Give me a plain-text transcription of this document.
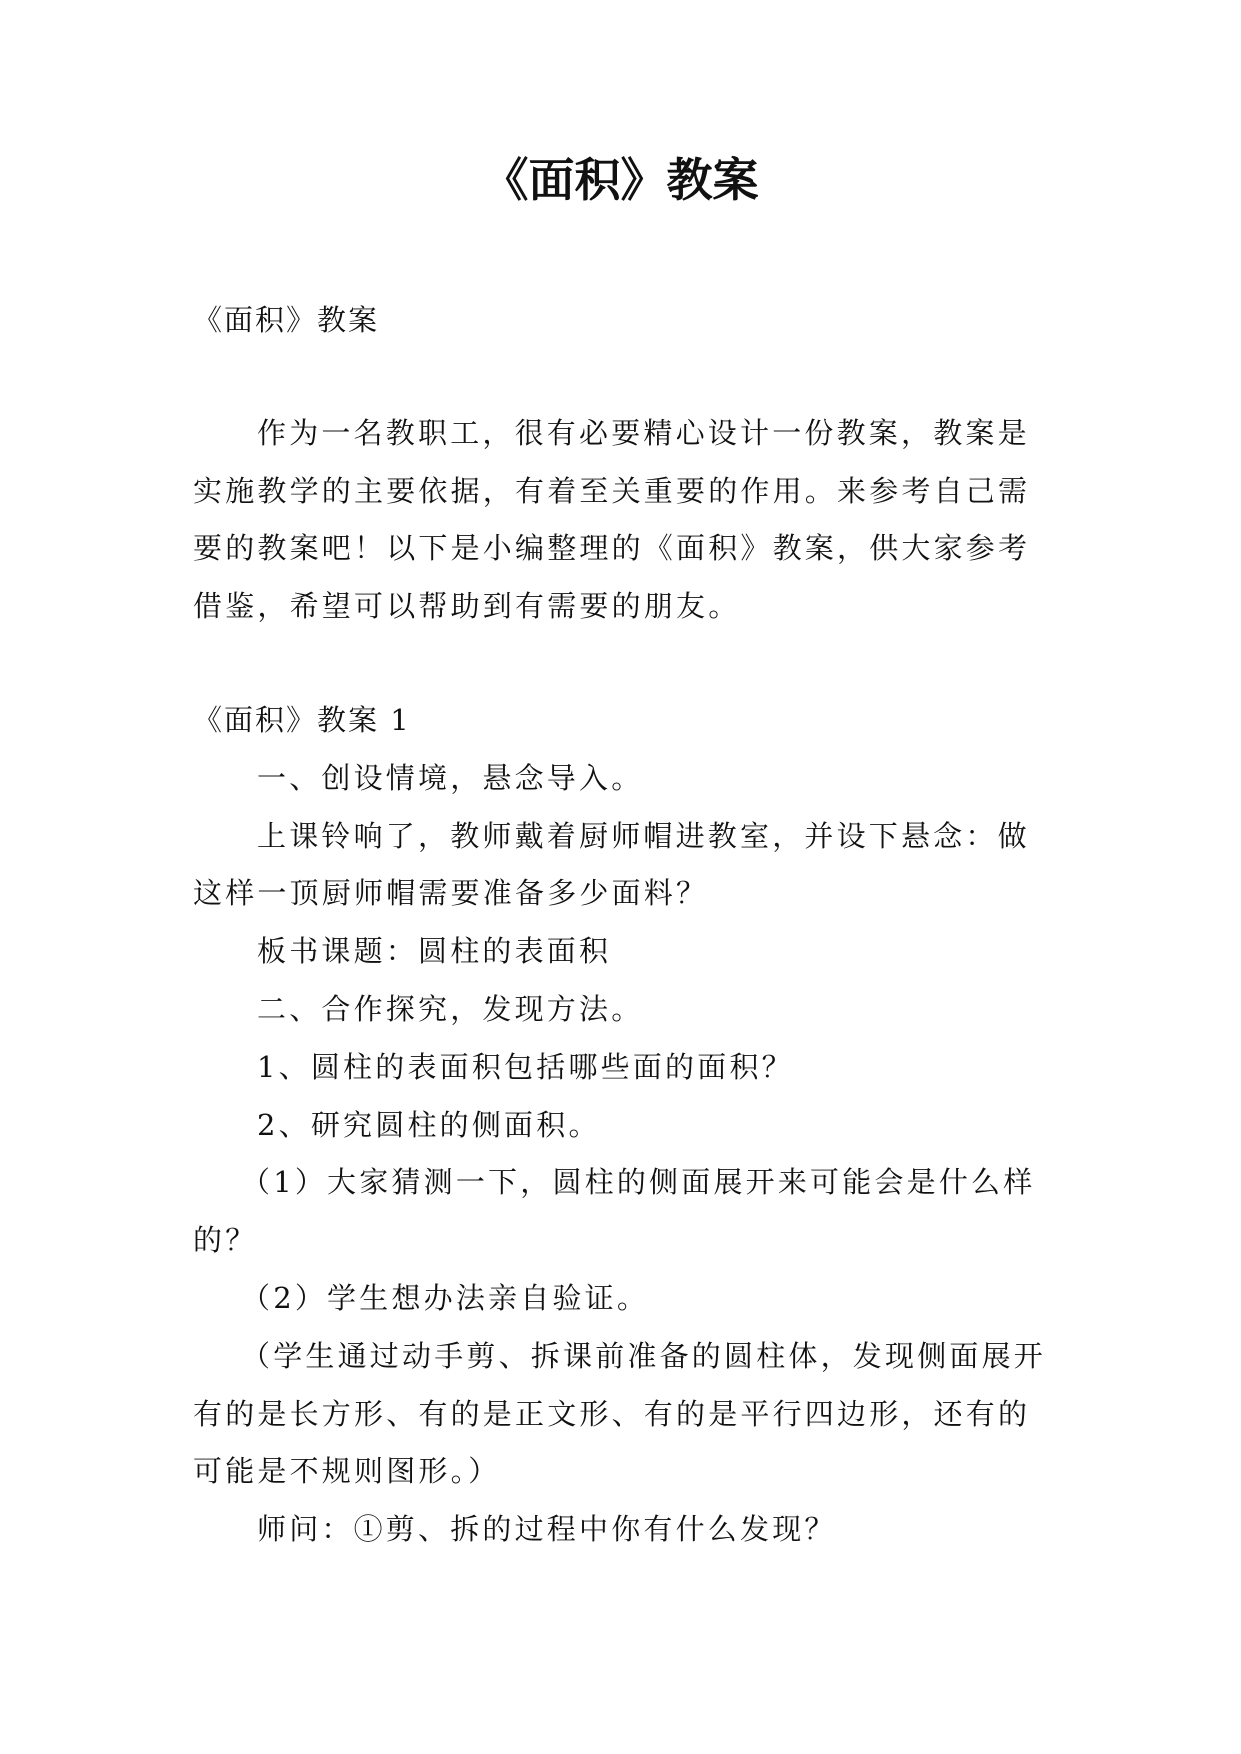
《面积》教案

《面积》教案

作为一名教职工，很有必要精心设计一份教案，教案是实施教学的主要依据，有着至关重要的作用。来参考自己需要的教案吧！以下是小编整理的《面积》教案，供大家参考借鉴，希望可以帮助到有需要的朋友。

《面积》教案 1

一、创设情境，悬念导入。

上课铃响了，教师戴着厨师帽进教室，并设下悬念：做这样一顶厨师帽需要准备多少面料？

板书课题：圆柱的表面积

二、合作探究，发现方法。

1、圆柱的表面积包括哪些面的面积？

2、研究圆柱的侧面积。

（1）大家猜测一下，圆柱的侧面展开来可能会是什么样的？

（2）学生想办法亲自验证。

（学生通过动手剪、拆课前准备的圆柱体，发现侧面展开有的是长方形、有的是正文形、有的是平行四边形，还有的可能是不规则图形。）

师问：①剪、拆的过程中你有什么发现？
